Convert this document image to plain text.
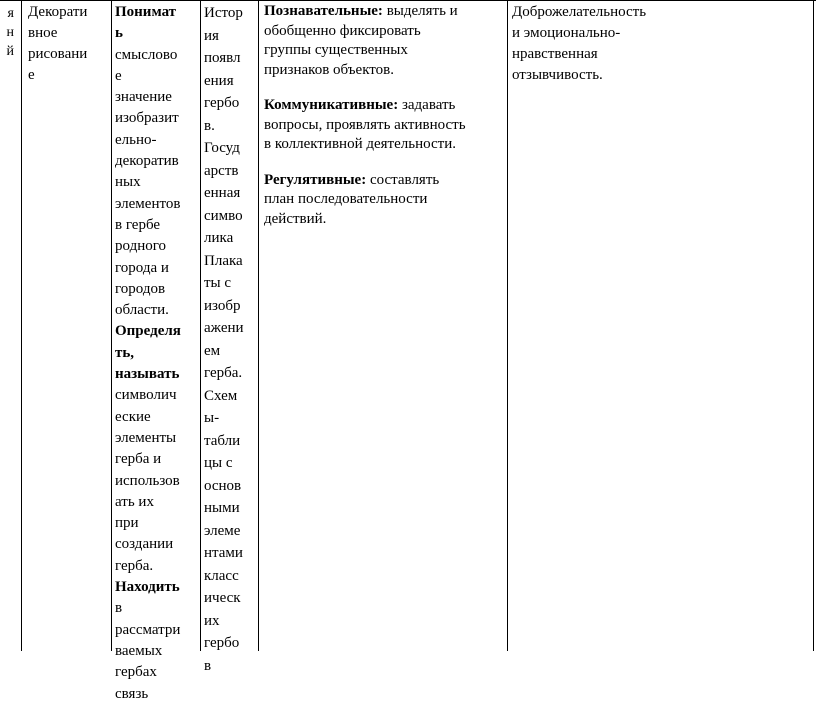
я
н
й
Декорати
вное
рисовани
е
Понимат
ь
смыслово
е
значение
изобразит
ельно-
декоратив
ных
элементов
в гербе
родного
города и
городов
области.
Определя
ть,
называть
символич
еские
элементы
герба и
использов
ать их
при
создании
герба.
Находить
в
рассматри
ваемых
гербах
связь
Истор
ия
появл
ения
гербо
в.
Госуд
арств
енная
симво
лика
Плака
ты с
изобр
ажени
ем
герба.
Схем
ы-
табли
цы с
основ
ными
элеме
нтами
класс
ическ
их
гербо
в
Познавательные: выделять и
обобщенно фиксировать
группы существенных
признаков объектов.
Коммуникативные: задавать
вопросы, проявлять активность
в коллективной деятельности.
Регулятивные: составлять
план последовательности
действий.
Доброжелательность
и эмоционально-
нравственная
отзывчивость.
